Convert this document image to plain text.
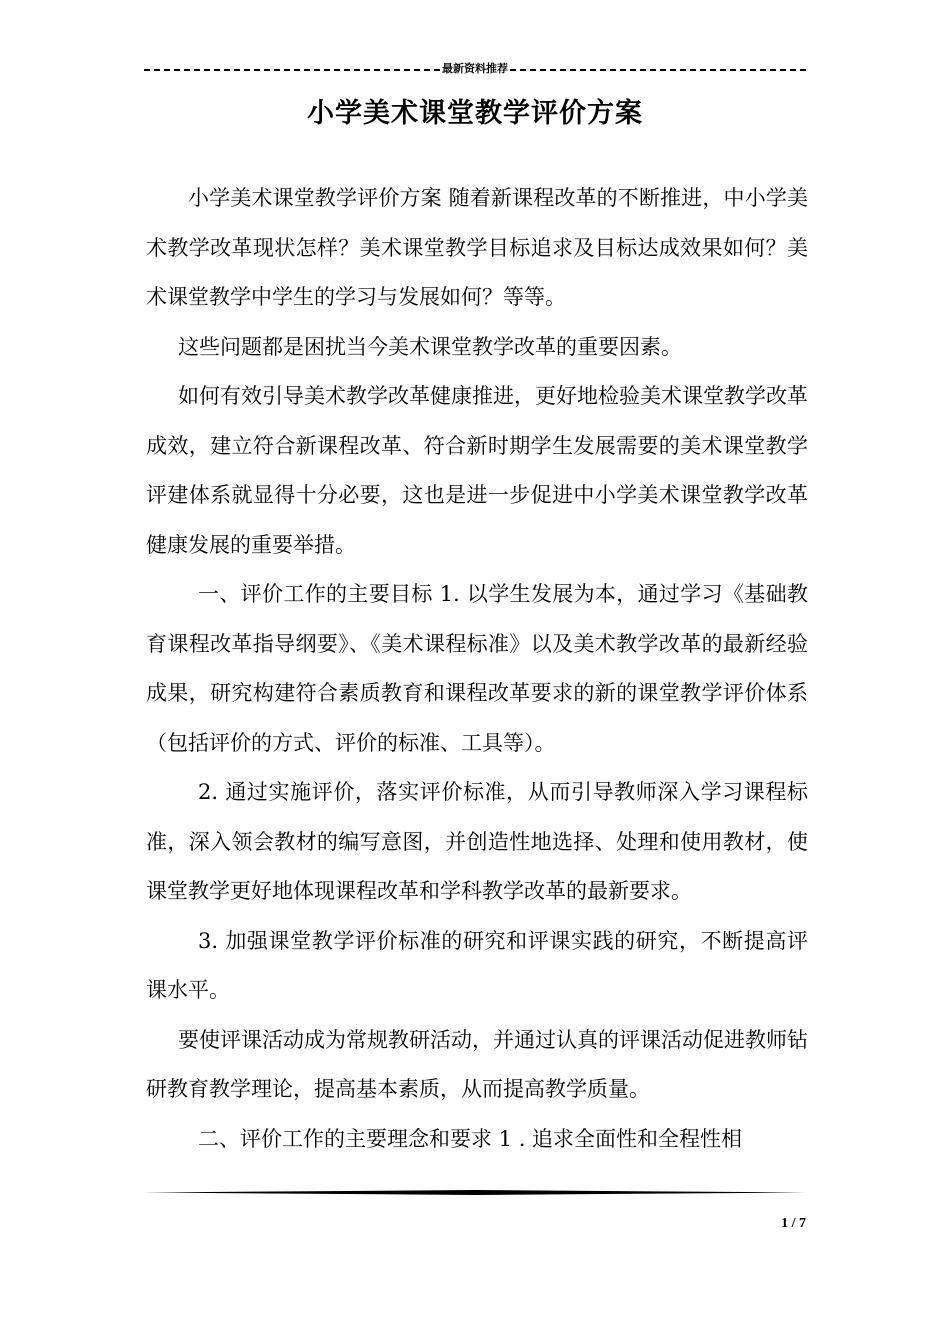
最新资料推荐
小学美术课堂教学评价方案

小学美术课堂教学评价方案 随着新课程改革的不断推进，中小学美术教学改革现状怎样？美术课堂教学目标追求及目标达成效果如何？美术课堂教学中学生的学习与发展如何？等等。

这些问题都是困扰当今美术课堂教学改革的重要因素。

如何有效引导美术教学改革健康推进，更好地检验美术课堂教学改革成效，建立符合新课程改革、符合新时期学生发展需要的美术课堂教学评建体系就显得十分必要，这也是进一步促进中小学美术课堂教学改革健康发展的重要举措。

一、评价工作的主要目标 1. 以学生发展为本，通过学习《基础教育课程改革指导纲要》、《美术课程标准》以及美术教学改革的最新经验成果，研究构建符合素质教育和课程改革要求的新的课堂教学评价体系（包括评价的方式、评价的标准、工具等）。

2. 通过实施评价，落实评价标准，从而引导教师深入学习课程标准，深入领会教材的编写意图，并创造性地选择、处理和使用教材，使课堂教学更好地体现课程改革和学科教学改革的最新要求。

3. 加强课堂教学评价标准的研究和评课实践的研究，不断提高评课水平。

要使评课活动成为常规教研活动，并通过认真的评课活动促进教师钻研教育教学理论，提高基本素质，从而提高教学质量。

二、评价工作的主要理念和要求 1 . 追求全面性和全程性相

1 / 7
